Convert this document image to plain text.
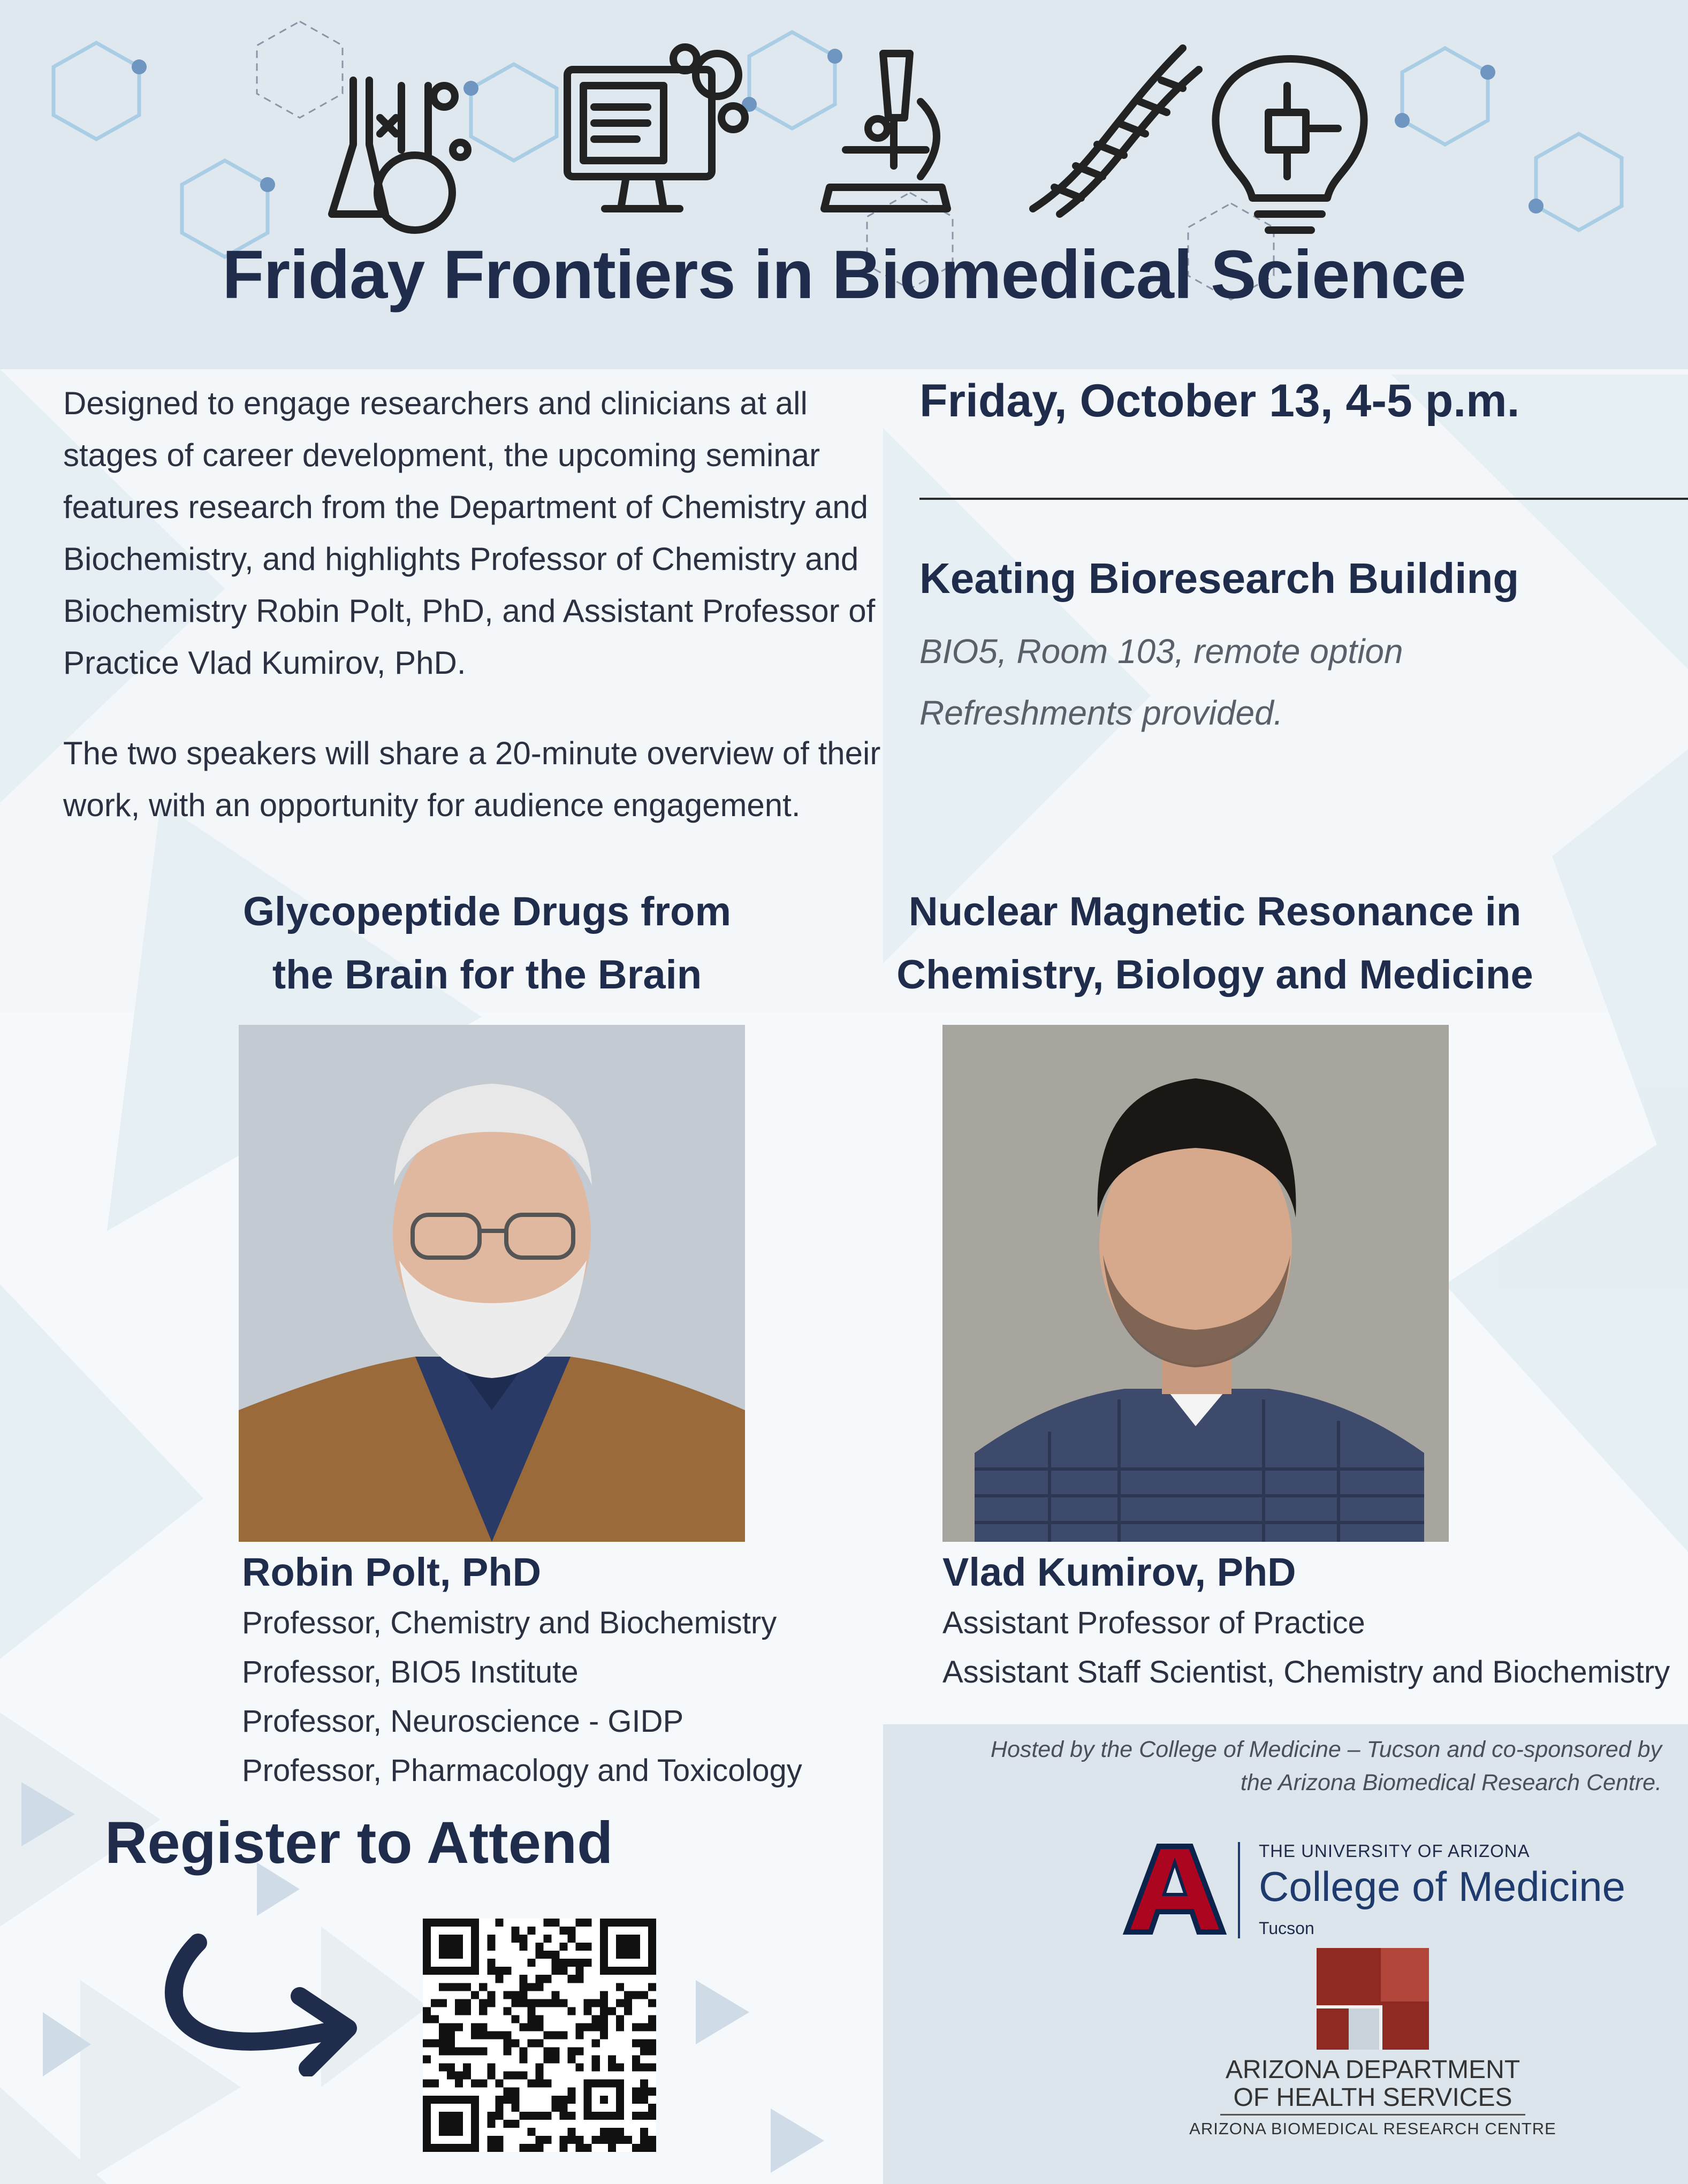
Friday Frontiers in Biomedical Science

Designed to engage researchers and clinicians at all stages of career development, the upcoming seminar features research from the Department of Chemistry and Biochemistry, and highlights Professor of Chemistry and Biochemistry Robin Polt, PhD, and Assistant Professor of Practice Vlad Kumirov, PhD.

The two speakers will share a 20-minute overview of their work, with an opportunity for audience engagement.

Friday, October 13, 4-5 p.m.
Keating Bioresearch Building
BIO5, Room 103, remote option
Refreshments provided.
Glycopeptide Drugs from
the Brain for the Brain
Nuclear Magnetic Resonance in
Chemistry, Biology and Medicine
Robin Polt, PhD
Professor, Chemistry and Biochemistry
Professor, BIO5 Institute
Professor, Neuroscience - GIDP
Professor, Pharmacology and Toxicology
Vlad Kumirov, PhD
Assistant Professor of Practice
Assistant Staff Scientist, Chemistry and Biochemistry
Hosted by the College of Medicine – Tucson and co-sponsored by
the Arizona Biomedical Research Centre.
THE UNIVERSITY OF ARIZONA
College of Medicine
Tucson
ARIZONA DEPARTMENT
OF HEALTH SERVICES
ARIZONA BIOMEDICAL RESEARCH CENTRE
Register to Attend
